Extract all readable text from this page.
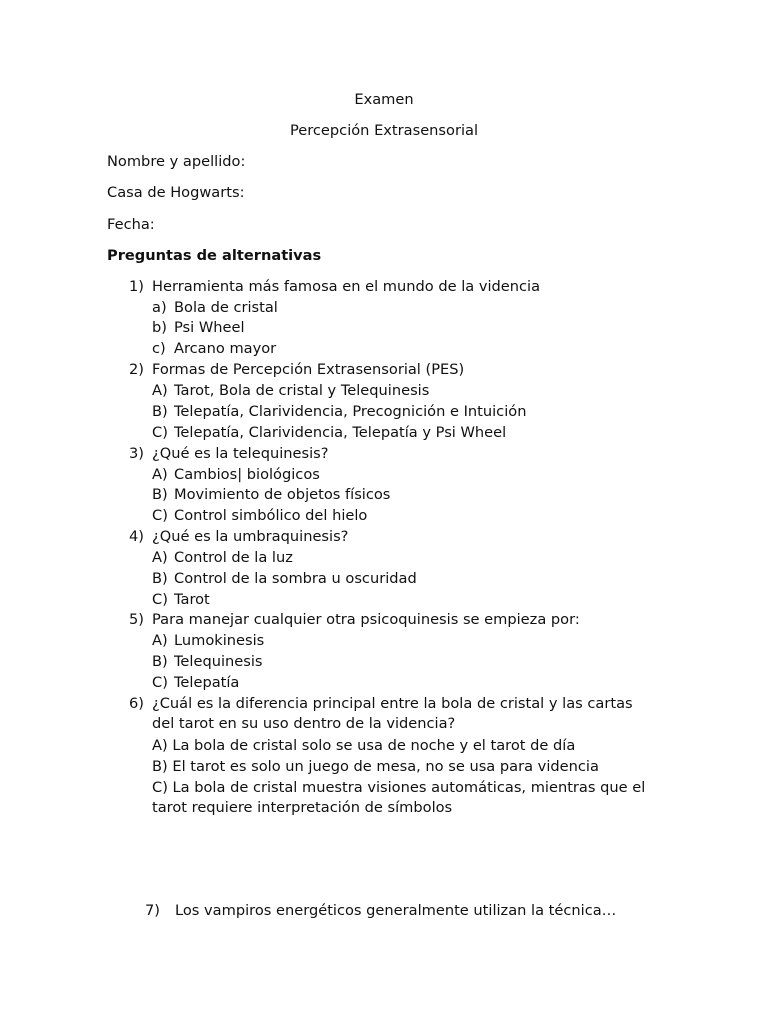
Examen
Percepción Extrasensorial
Nombre y apellido:
Casa de Hogwarts:
Fecha:
Preguntas de alternativas
1) Herramienta más famosa en el mundo de la videncia
a) Bola de cristal
b) Psi Wheel
c) Arcano mayor
2) Formas de Percepción Extrasensorial (PES)
A) Tarot, Bola de cristal y Telequinesis
B) Telepatía, Clarividencia, Precognición e Intuición
C) Telepatía, Clarividencia, Telepatía y Psi Wheel
3) ¿Qué es la telequinesis?
A) Cambios| biológicos
B) Movimiento de objetos físicos
C) Control simbólico del hielo
4) ¿Qué es la umbraquinesis?
A) Control de la luz
B) Control de la sombra u oscuridad
C) Tarot
5) Para manejar cualquier otra psicoquinesis se empieza por:
A) Lumokinesis
B) Telequinesis
C) Telepatía
6) ¿Cuál es la diferencia principal entre la bola de cristal y las cartas
del tarot en su uso dentro de la videncia?
A) La bola de cristal solo se usa de noche y el tarot de día
B) El tarot es solo un juego de mesa, no se usa para videncia
C) La bola de cristal muestra visiones automáticas, mientras que el
tarot requiere interpretación de símbolos
7) Los vampiros energéticos generalmente utilizan la técnica…
